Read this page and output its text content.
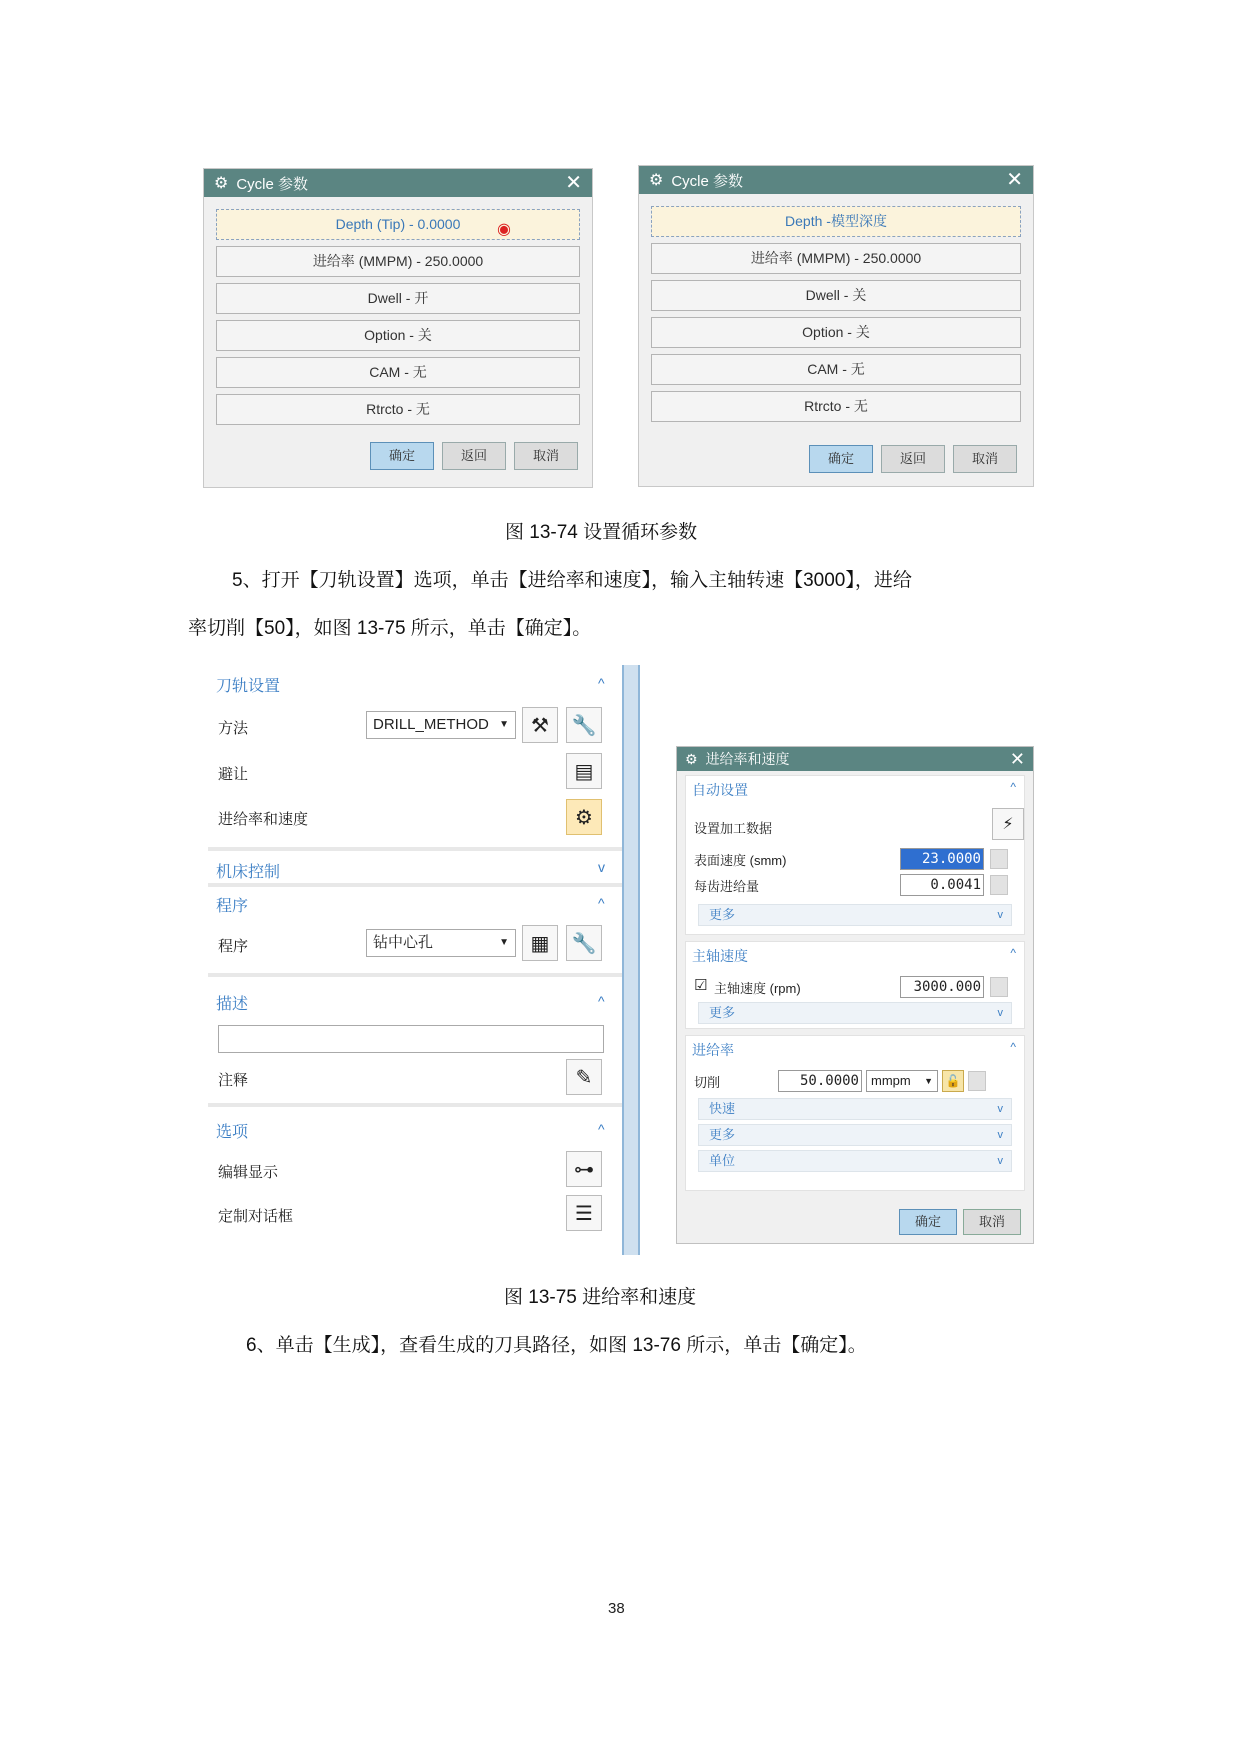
⚙ Cycle 参数	✕
Depth (Tip) - 0.0000	◉
进给率 (MMPM) - 250.0000
Dwell - 开
Option - 关
CAM - 无
Rtrcto - 无
确定	返回	取消
⚙ Cycle 参数	✕
Depth -模型深度
进给率 (MMPM) - 250.0000
Dwell - 关
Option - 关
CAM - 无
Rtrcto - 无
确定	返回	取消
图 13-74 设置循环参数
5、打开【刀轨设置】选项，单击【进给率和速度】，输入主轴转速【3000】，进给
率切削【50】，如图 13-75 所示，单击【确定】。
刀轨设置	^
方法	DRILL_METHOD ▼	⚒	🔧
避让	▤
进给率和速度	⚙
机床控制	v
程序	^
程序	钻中心孔	▼	▦	🔧
描述	^
注释	✎
选项	^
编辑显示	⊶
定制对话框	☰
⚙ 进给率和速度	✕
自动设置	^
设置加工数据	⚡
表面速度 (smm)	23.0000
每齿进给量	0.0041
更多	v
主轴速度	^
☑ 主轴速度 (rpm)	3000.000
更多	v
进给率	^
切削	50.0000 mmpm ▼ 🔓
快速	v
更多	v
单位	v
确定	取消
图 13-75 进给率和速度
6、单击【生成】，查看生成的刀具路径，如图 13-76 所示，单击【确定】。
38
